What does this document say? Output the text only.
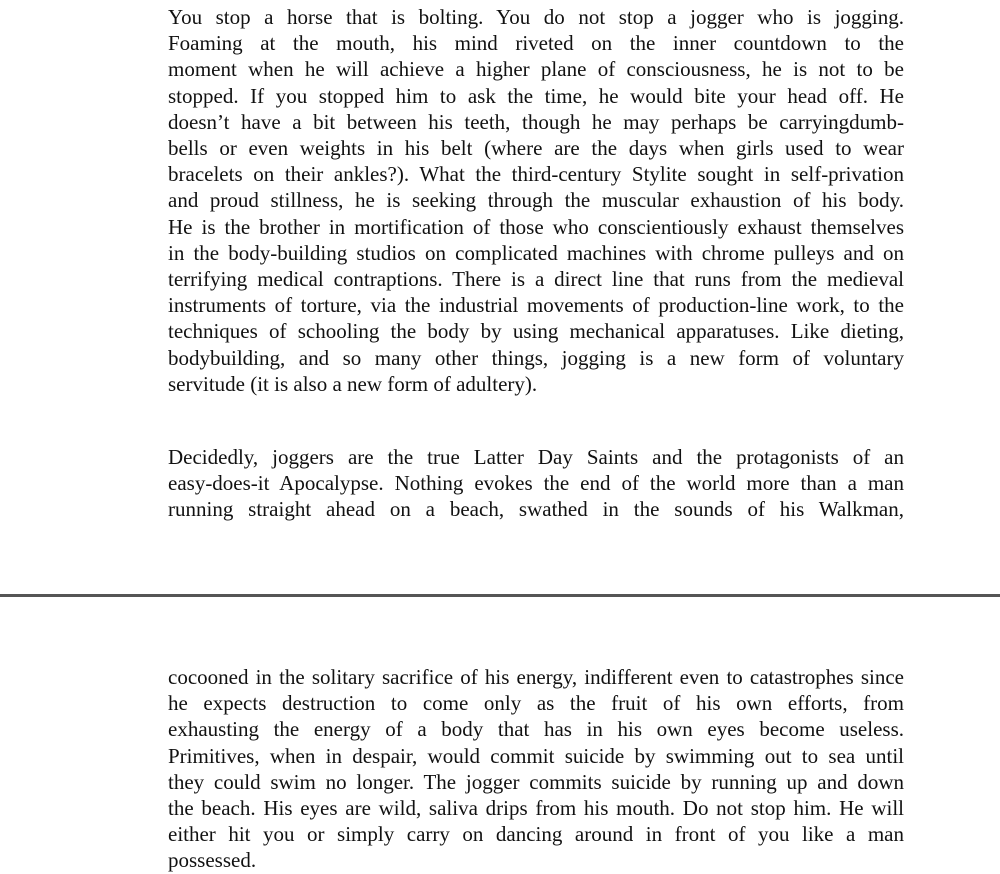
You stop a horse that is bolting. You do not stop a jogger who is jogging.
Foaming at the mouth, his mind riveted on the inner countdown to the
moment when he will achieve a higher plane of consciousness, he is not to be
stopped. If you stopped him to ask the time, he would bite your head off. He
doesn’t have a bit between his teeth, though he may perhaps be carryingdumb-
bells or even weights in his belt (where are the days when girls used to wear
bracelets on their ankles?). What the third-century Stylite sought in self-privation
and proud stillness, he is seeking through the muscular exhaustion of his body.
He is the brother in mortification of those who conscientiously exhaust themselves
in the body-building studios on complicated machines with chrome pulleys and on
terrifying medical contraptions. There is a direct line that runs from the medieval
instruments of torture, via the industrial movements of production-line work, to the
techniques of schooling the body by using mechanical apparatuses. Like dieting,
bodybuilding, and so many other things, jogging is a new form of voluntary
servitude (it is also a new form of adultery).
Decidedly, joggers are the true Latter Day Saints and the protagonists of an
easy-does-it Apocalypse. Nothing evokes the end of the world more than a man
running straight ahead on a beach, swathed in the sounds of his Walkman,
cocooned in the solitary sacrifice of his energy, indifferent even to catastrophes since
he expects destruction to come only as the fruit of his own efforts, from
exhausting the energy of a body that has in his own eyes become useless.
Primitives, when in despair, would commit suicide by swimming out to sea until
they could swim no longer. The jogger commits suicide by running up and down
the beach. His eyes are wild, saliva drips from his mouth. Do not stop him. He will
either hit you or simply carry on dancing around in front of you like a man
possessed.
